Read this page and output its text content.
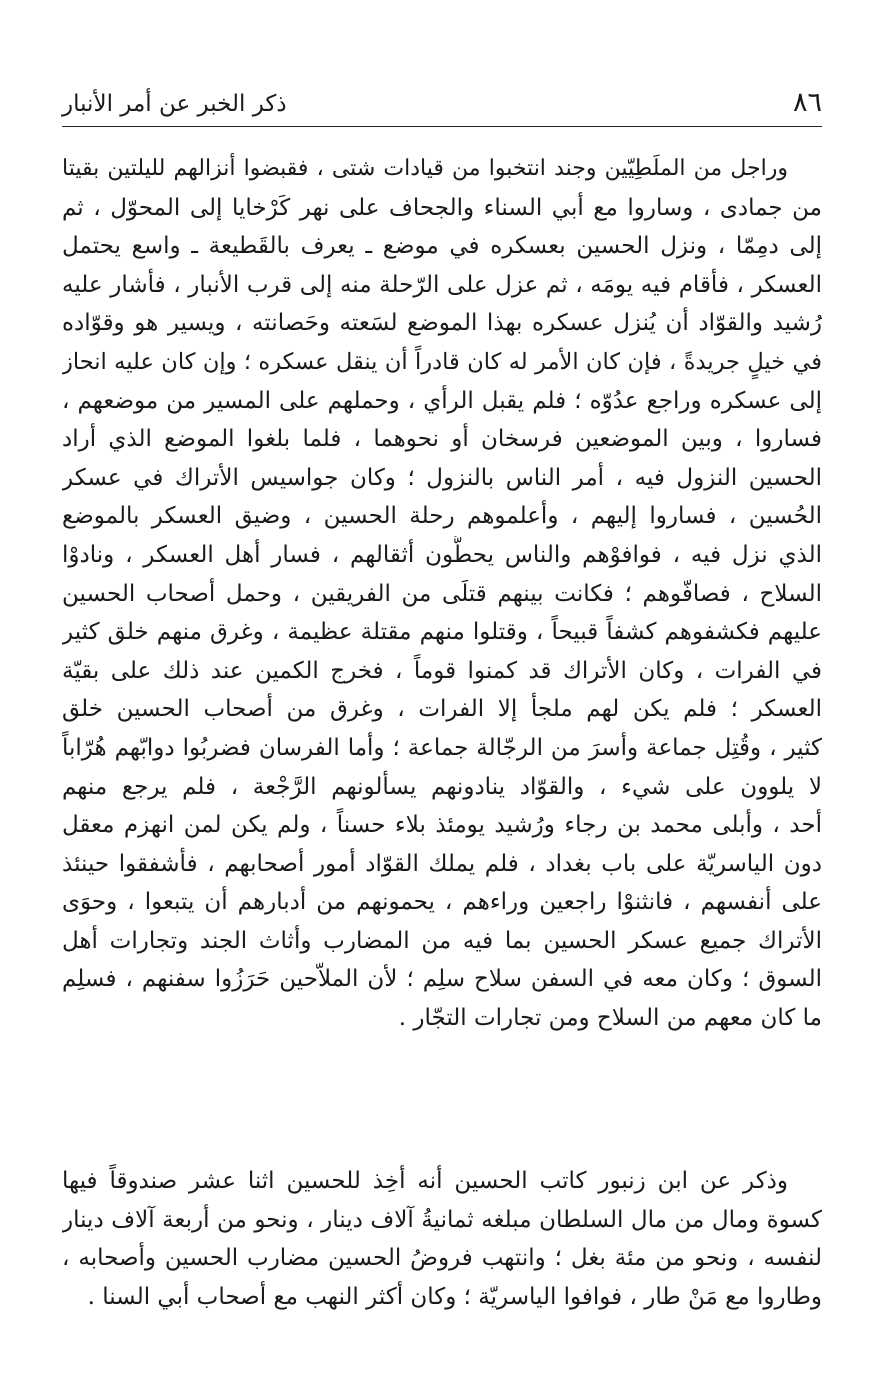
٨٦
ذكر الخبر عن أمر الأنبار
وراجل من الملَطِيّين وجند انتخبوا من قيادات شتى ، فقبضوا أنزالهم لليلتين بقيتا
من جمادى ، وساروا مع أبي السناء والجحاف على نهر كَرْخايا إلى المحوّل ، ثم
إلى دمِمّا ، ونزل الحسين بعسكره في موضع ـ يعرف بالقَطيعة ـ واسع يحتمل
العسكر ، فأقام فيه يومَه ، ثم عزل على الرّحلة منه إلى قرب الأنبار ، فأشار عليه
رُشيد والقوّاد أن يُنزل عسكره بهذا الموضع لسَعته وحَصانته ، ويسير هو وقوّاده
في خيلٍ جريدةً ، فإن كان الأمر له كان قادراً أن ينقل عسكره ؛ وإن كان عليه انحاز
إلى عسكره وراجع عدُوّه ؛ فلم يقبل الرأي ، وحملهم على المسير من موضعهم ،
فساروا ، وبين الموضعين فرسخان أو نحوهما ، فلما بلغوا الموضع الذي أراد
الحسين النزول فيه ، أمر الناس بالنزول ؛ وكان جواسيس الأتراك في عسكر
الحُسين ، فساروا إليهم ، وأعلموهم رحلة الحسين ، وضيق العسكر بالموضع
الذي نزل فيه ، فوافوْهم والناس يحطُّون أثقالهم ، فسار أهل العسكر ، ونادوْا
السلاح ، فصافّوهم ؛ فكانت بينهم قتلَى من الفريقين ، وحمل أصحاب الحسين
عليهم فكشفوهم كشفاً قبيحاً ، وقتلوا منهم مقتلة عظيمة ، وغرق منهم خلق كثير
في الفرات ، وكان الأتراك قد كمنوا قوماً ، فخرج الكمين عند ذلك على بقيّة
العسكر ؛ فلم يكن لهم ملجأ إلا الفرات ، وغرق من أصحاب الحسين خلق
كثير ، وقُتِل جماعة وأسرَ من الرجّالة جماعة ؛ وأما الفرسان فضربُوا دوابّهم هُرّاباً
لا يلوون على شيء ، والقوّاد ينادونهم يسألونهم الرَّجْعة ، فلم يرجع منهم
أحد ، وأبلى محمد بن رجاء ورُشيد يومئذ بلاء حسناً ، ولم يكن لمن انهزم معقل
دون الياسريّة على باب بغداد ، فلم يملك القوّاد أمور أصحابهم ، فأشفقوا حينئذ
على أنفسهم ، فانثنوْا راجعين وراءهم ، يحمونهم من أدبارهم أن يتبعوا ، وحوَى
الأتراك جميع عسكر الحسين بما فيه من المضارب وأثاث الجند وتجارات أهل
السوق ؛ وكان معه في السفن سلاح سلِم ؛ لأن الملاّحين حَرَزُوا سفنهم ، فسلِم
ما كان معهم من السلاح ومن تجارات التجّار .
وذكر عن ابن زنبور كاتب الحسين أنه أخِذ للحسين اثنا عشر صندوقاً فيها
كسوة ومال من مال السلطان مبلغه ثمانيةُ آلاف دينار ، ونحو من أربعة آلاف دينار
لنفسه ، ونحو من مئة بغل ؛ وانتهب فروضُ الحسين مضارب الحسين وأصحابه ،
وطاروا مع مَنْ طار ، فوافوا الياسريّة ؛ وكان أكثر النهب مع أصحاب أبي السنا .
